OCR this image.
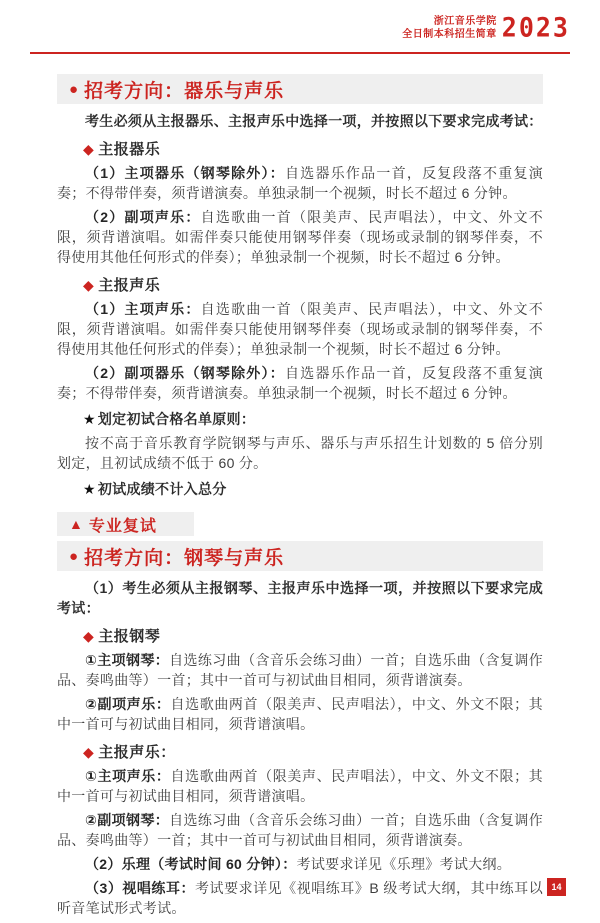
浙江音乐学院
全日制本科招生简章 2023
● 招考方向：器乐与声乐

考生必须从主报器乐、主报声乐中选择一项，并按照以下要求完成考试：

◆ 主报器乐

（1）主项器乐（钢琴除外）：自选器乐作品一首，反复段落不重复演奏；不得带伴奏，须背谱演奏。单独录制一个视频，时长不超过 6 分钟。

（2）副项声乐：自选歌曲一首（限美声、民声唱法），中文、外文不限，须背谱演唱。如需伴奏只能使用钢琴伴奏（现场或录制的钢琴伴奏，不得使用其他任何形式的伴奏）；单独录制一个视频，时长不超过 6 分钟。

◆ 主报声乐

（1）主项声乐：自选歌曲一首（限美声、民声唱法），中文、外文不限，须背谱演唱。如需伴奏只能使用钢琴伴奏（现场或录制的钢琴伴奏，不得使用其他任何形式的伴奏）；单独录制一个视频，时长不超过 6 分钟。

（2）副项器乐（钢琴除外）：自选器乐作品一首，反复段落不重复演奏；不得带伴奏，须背谱演奏。单独录制一个视频，时长不超过 6 分钟。

★ 划定初试合格名单原则：

按不高于音乐教育学院钢琴与声乐、器乐与声乐招生计划数的 5 倍分别划定，且初试成绩不低于 60 分。

★ 初试成绩不计入总分
▲ 专业复试
● 招考方向：钢琴与声乐

（1）考生必须从主报钢琴、主报声乐中选择一项，并按照以下要求完成考试：

◆ 主报钢琴

①主项钢琴：自选练习曲（含音乐会练习曲）一首；自选乐曲（含复调作品、奏鸣曲等）一首；其中一首可与初试曲目相同，须背谱演奏。

②副项声乐：自选歌曲两首（限美声、民声唱法），中文、外文不限；其中一首可与初试曲目相同，须背谱演唱。

◆ 主报声乐：

①主项声乐：自选歌曲两首（限美声、民声唱法），中文、外文不限；其中一首可与初试曲目相同，须背谱演唱。

②副项钢琴：自选练习曲（含音乐会练习曲）一首；自选乐曲（含复调作品、奏鸣曲等）一首；其中一首可与初试曲目相同，须背谱演奏。

（2）乐理（考试时间 60 分钟）：考试要求详见《乐理》考试大纲。

（3）视唱练耳：考试要求详见《视唱练耳》B 级考试大纲，其中练耳以听音笔试形式考试。

14
